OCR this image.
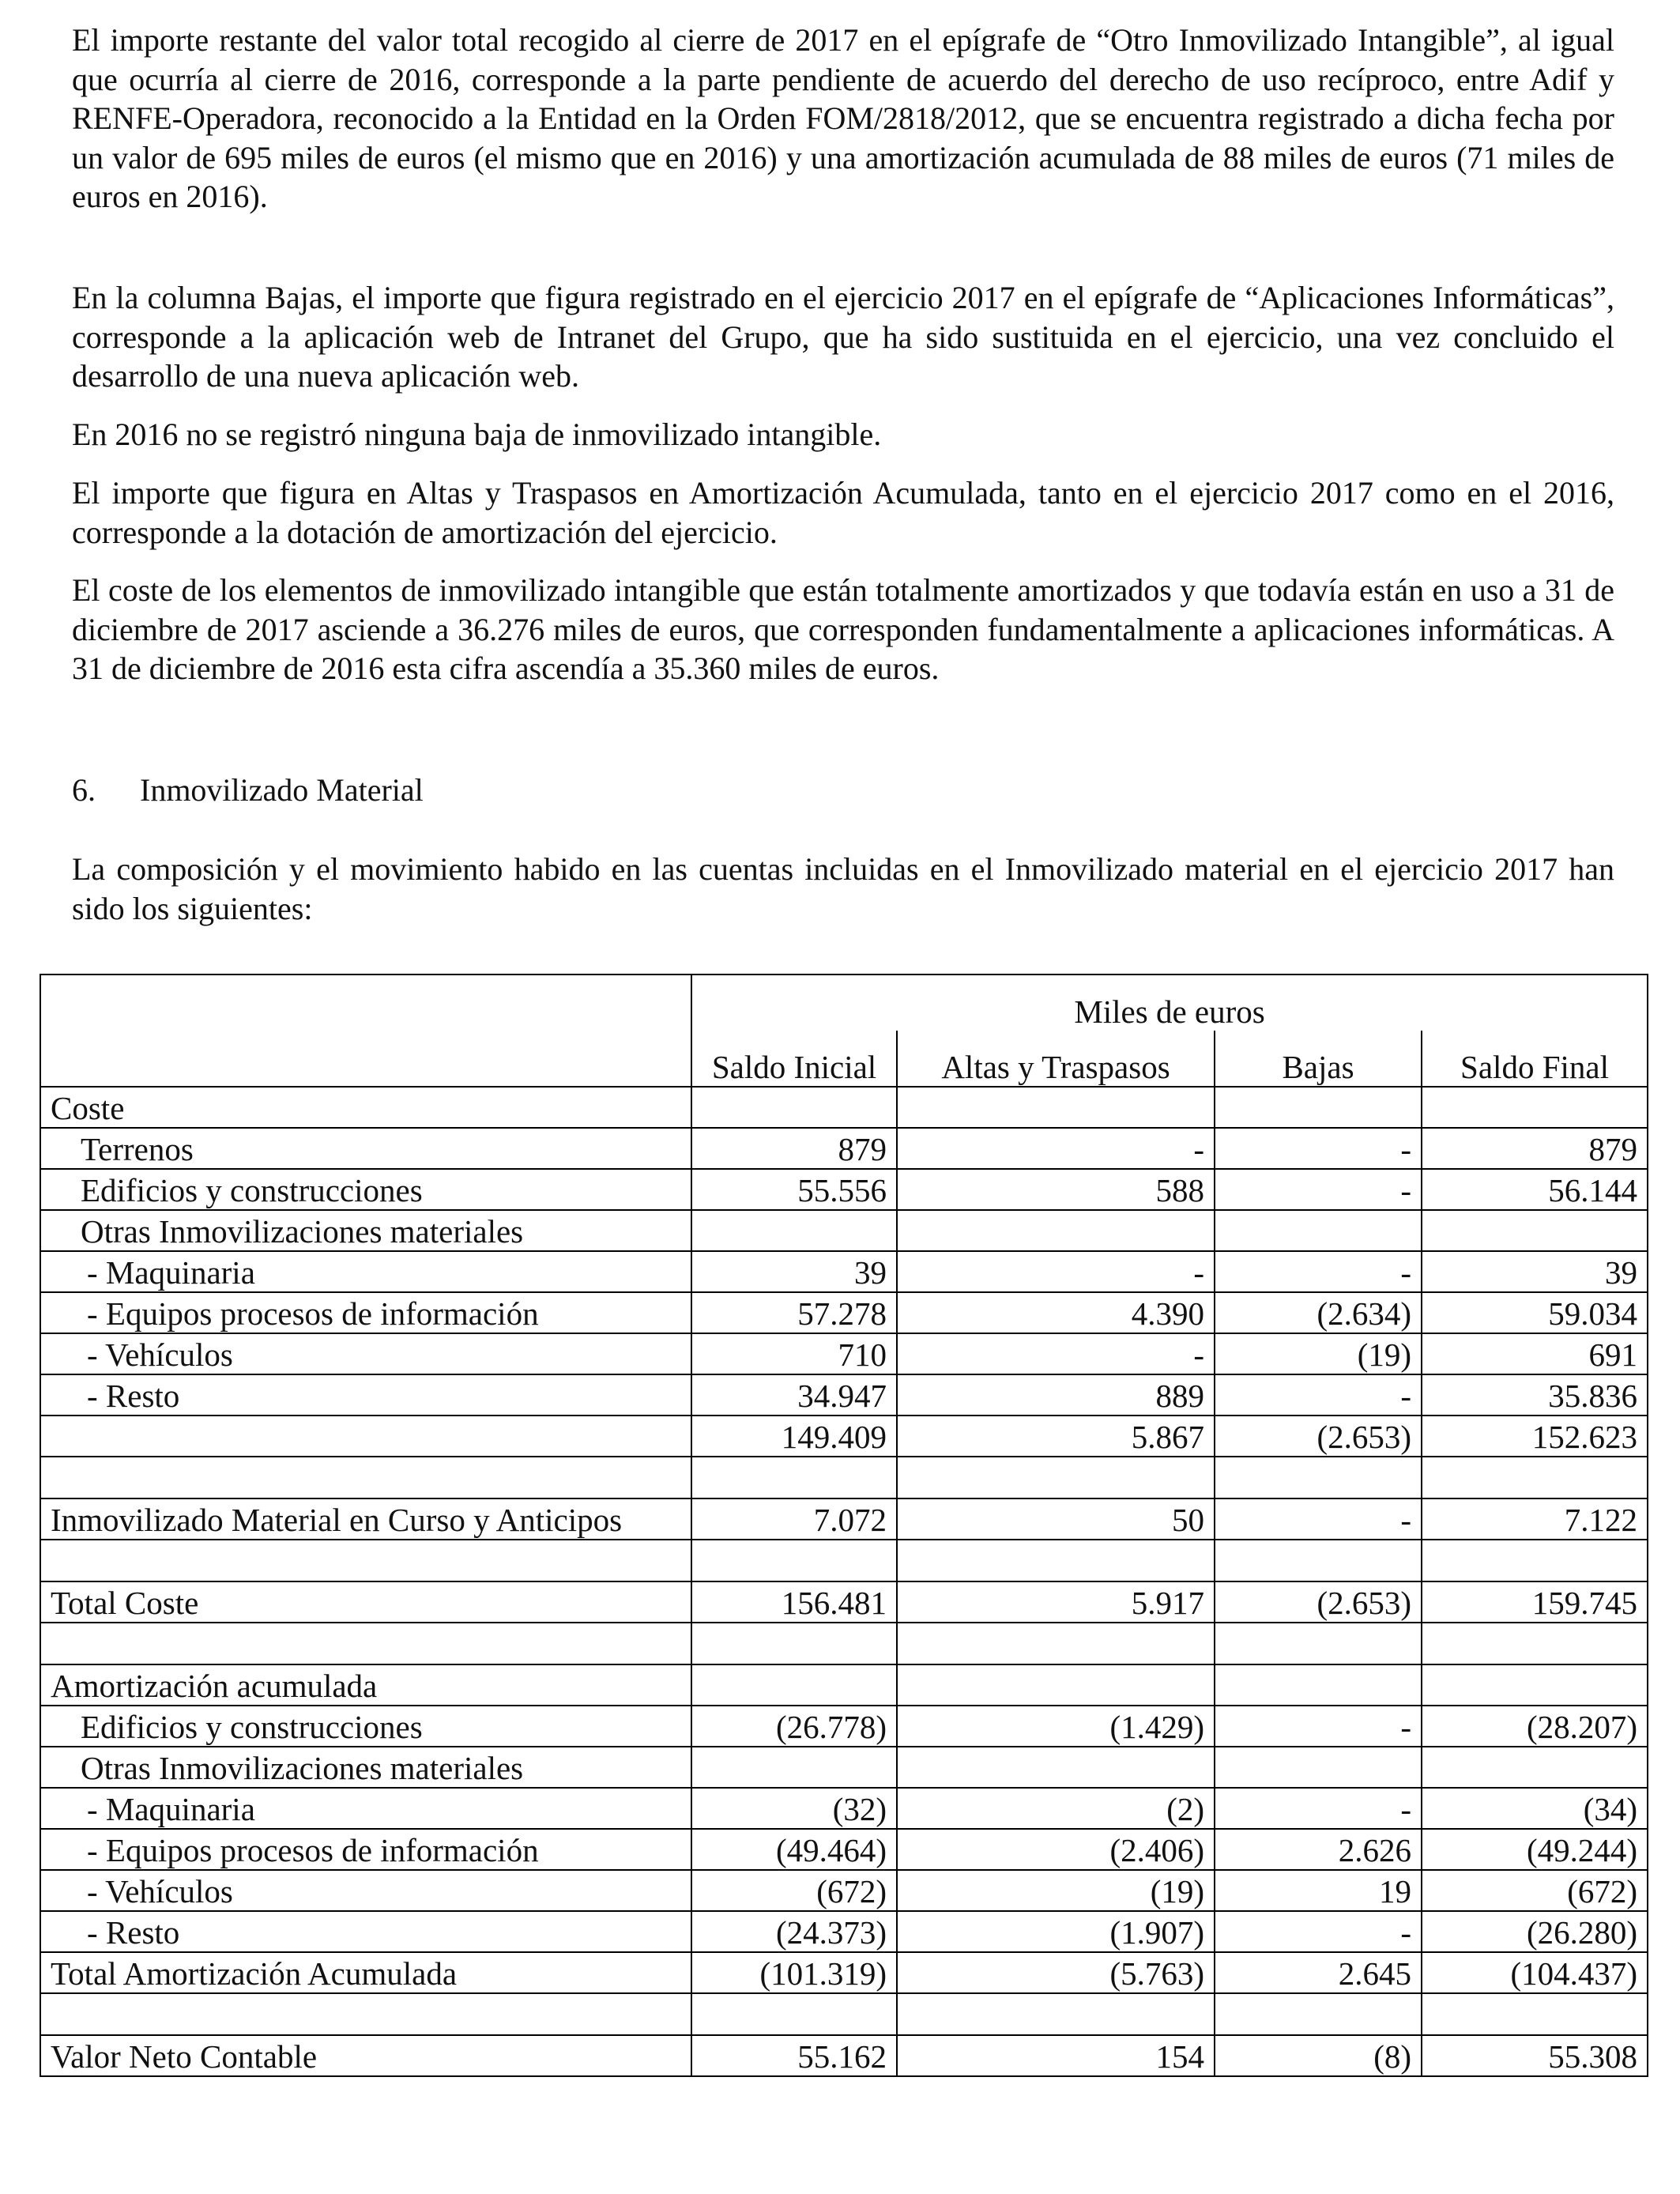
El importe restante del valor total recogido al cierre de 2017 en el epígrafe de “Otro Inmovilizado Intangible”, al igual que ocurría al cierre de 2016, corresponde a la parte pendiente de acuerdo del derecho de uso recíproco, entre Adif y RENFE-Operadora, reconocido a la Entidad en la Orden FOM/2818/2012, que se encuentra registrado a dicha fecha por un valor de 695 miles de euros (el mismo que en 2016) y una amortización acumulada de 88 miles de euros (71 miles de euros en 2016).

En la columna Bajas, el importe que figura registrado en el ejercicio 2017 en el epígrafe de “Aplicaciones Informáticas”, corresponde a la aplicación web de Intranet del Grupo, que ha sido sustituida en el ejercicio, una vez concluido el desarrollo de una nueva aplicación web.

En 2016 no se registró ninguna baja de inmovilizado intangible.

El importe que figura en Altas y Traspasos en Amortización Acumulada, tanto en el ejercicio 2017 como en el 2016, corresponde a la dotación de amortización del ejercicio.

El coste de los elementos de inmovilizado intangible que están totalmente amortizados y que todavía están en uso a 31 de diciembre de 2017 asciende a 36.276 miles de euros, que corresponden fundamentalmente a aplicaciones informáticas. A 31 de diciembre de 2016 esta cifra ascendía a 35.360 miles de euros.

6. Inmovilizado Material

La composición y el movimiento habido en las cuentas incluidas en el Inmovilizado material en el ejercicio 2017 han sido los siguientes:

	Miles de euros			
	Saldo Inicial	Altas y Traspasos	Bajas	Saldo Final
Coste				
Terrenos	879	-	-	879
Edificios y construcciones	55.556	588	-	56.144
Otras Inmovilizaciones materiales				
- Maquinaria	39	-	-	39
- Equipos procesos de información	57.278	4.390	(2.634)	59.034
- Vehículos	710	-	(19)	691
- Resto	34.947	889	-	35.836
	149.409	5.867	(2.653)	152.623

Inmovilizado Material en Curso y Anticipos	7.072	50	-	7.122

Total Coste	156.481	5.917	(2.653)	159.745

Amortización acumulada				
Edificios y construcciones	(26.778)	(1.429)	-	(28.207)
Otras Inmovilizaciones materiales				
- Maquinaria	(32)	(2)	-	(34)
- Equipos procesos de información	(49.464)	(2.406)	2.626	(49.244)
- Vehículos	(672)	(19)	19	(672)
- Resto	(24.373)	(1.907)	-	(26.280)
Total Amortización Acumulada	(101.319)	(5.763)	2.645	(104.437)

Valor Neto Contable	55.162	154	(8)	55.308
